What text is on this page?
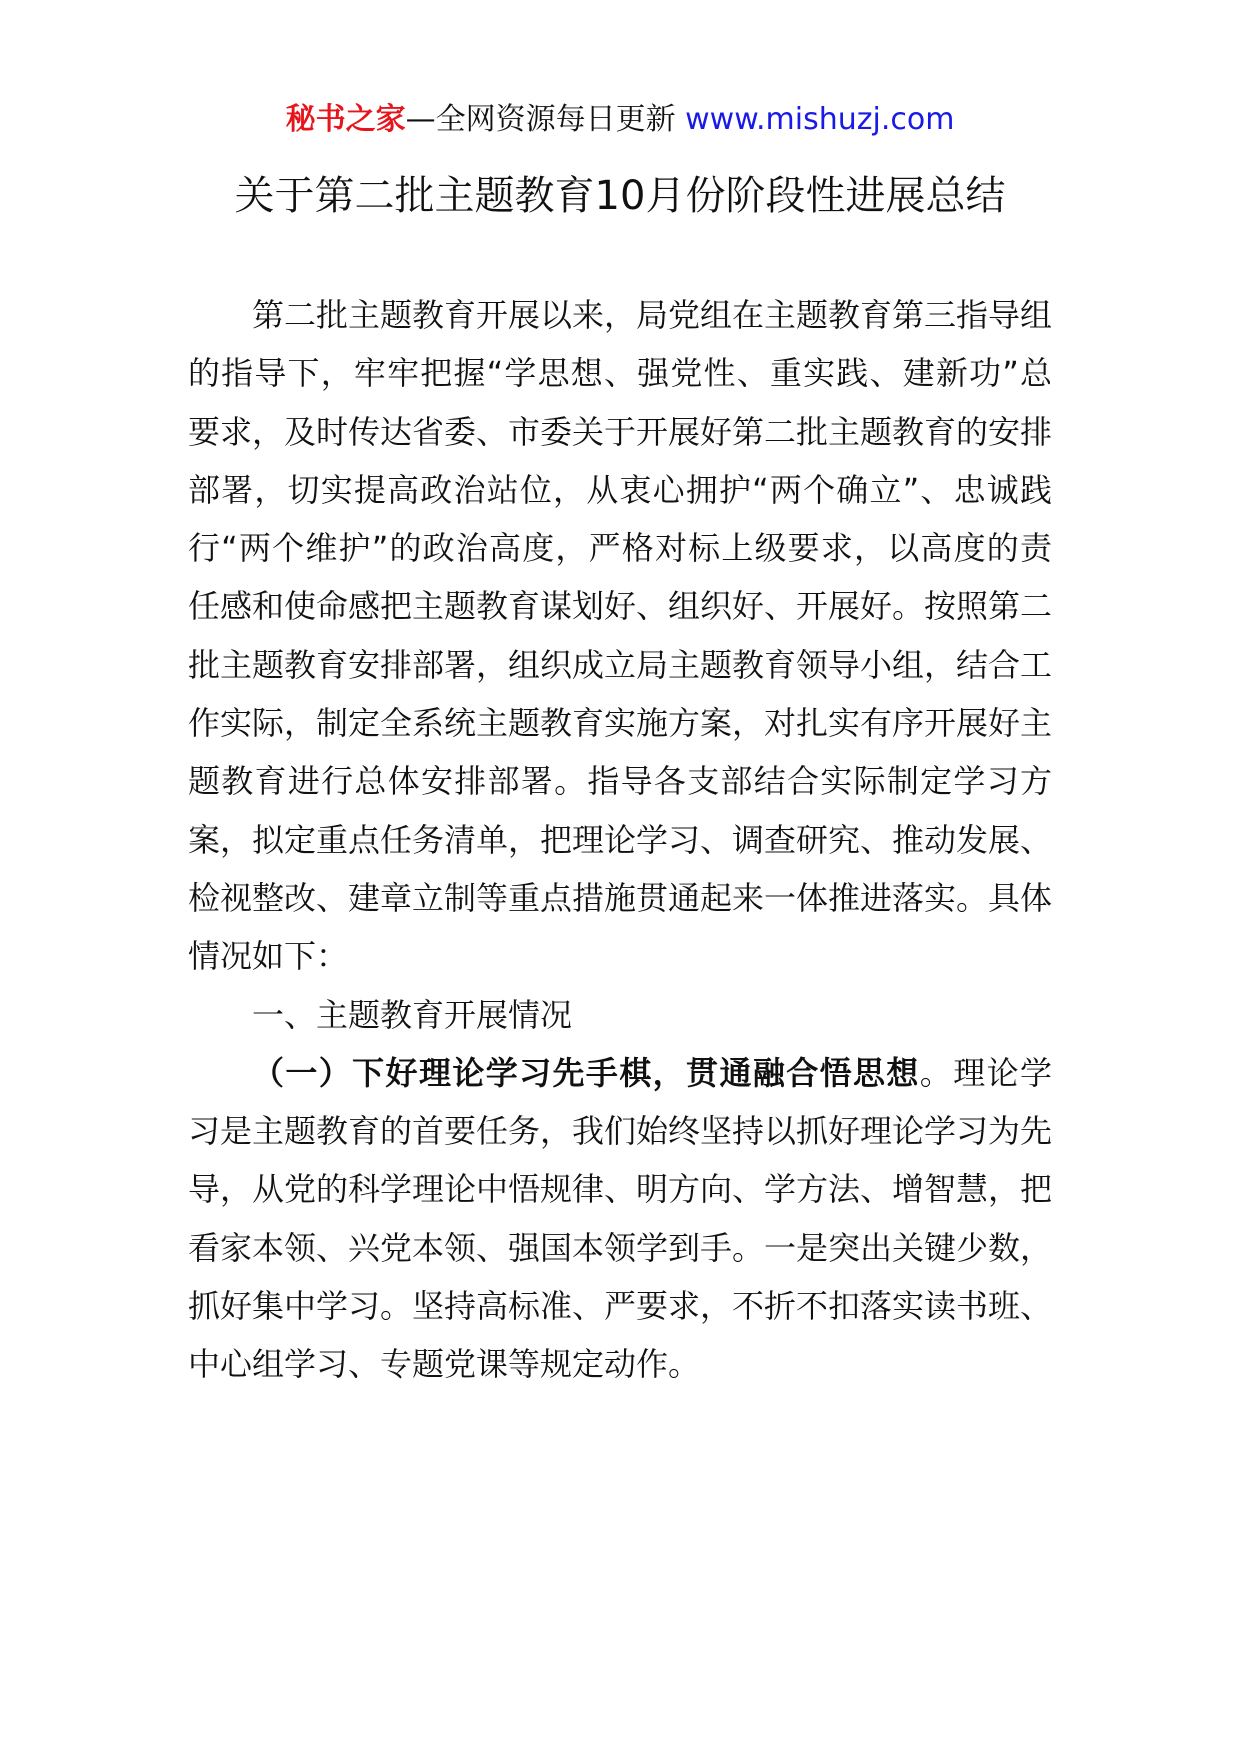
秘书之家—全网资源每日更新 www.mishuzj.com
关于第二批主题教育10月份阶段性进展总结

第二批主题教育开展以来，局党组在主题教育第三指导组的指导下，牢牢把握“学思想、强党性、重实践、建新功”总要求，及时传达省委、市委关于开展好第二批主题教育的安排部署，切实提高政治站位，从衷心拥护“两个确立”、忠诚践行“两个维护”的政治高度，严格对标上级要求，以高度的责任感和使命感把主题教育谋划好、组织好、开展好。按照第二批主题教育安排部署，组织成立局主题教育领导小组，结合工作实际，制定全系统主题教育实施方案，对扎实有序开展好主题教育进行总体安排部署。指导各支部结合实际制定学习方案，拟定重点任务清单，把理论学习、调查研究、推动发展、检视整改、建章立制等重点措施贯通起来一体推进落实。具体情况如下：

一、主题教育开展情况

（一）下好理论学习先手棋，贯通融合悟思想。理论学习是主题教育的首要任务，我们始终坚持以抓好理论学习为先导，从党的科学理论中悟规律、明方向、学方法、增智慧，把看家本领、兴党本领、强国本领学到手。一是突出关键少数，抓好集中学习。坚持高标准、严要求，不折不扣落实读书班、中心组学习、专题党课等规定动作。
